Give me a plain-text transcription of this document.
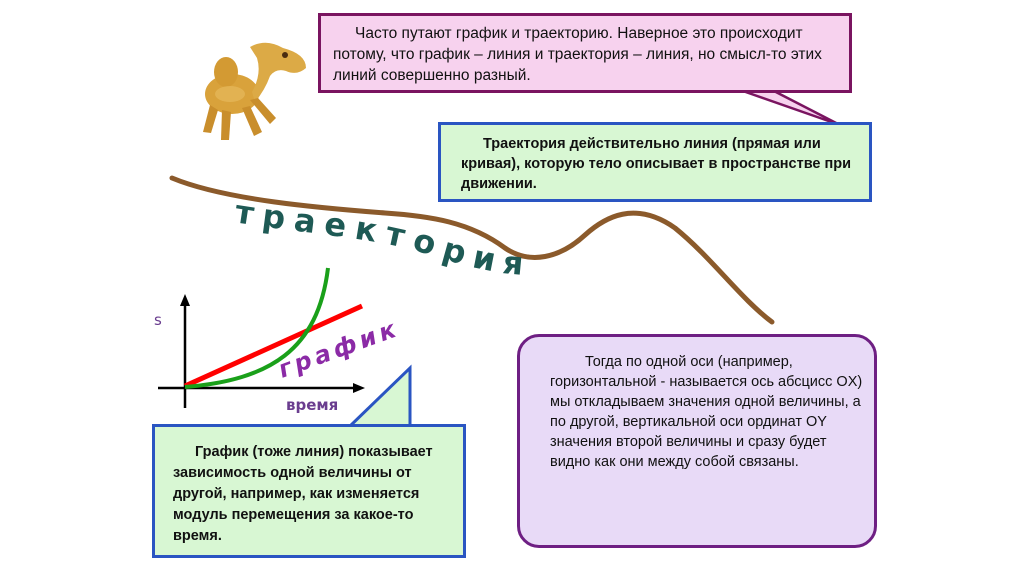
траектория
s
время
график
Часто путают график и траекторию. Наверное это происходит потому, что график – линия и траектория – линия, но смысл-то этих линий совершенно разный.
Траектория действительно линия (прямая или кривая), которую тело описывает в пространстве при движении.
График (тоже линия) показывает зависимость одной величины от другой, например, как изменяется модуль перемещения за какое-то время.
Тогда по одной оси (например, горизонтальной - называется ось абсцисс OX) мы откладываем значения одной величины, а по другой, вертикальной оси ординат OY значения второй величины и сразу будет видно как они между собой связаны.
